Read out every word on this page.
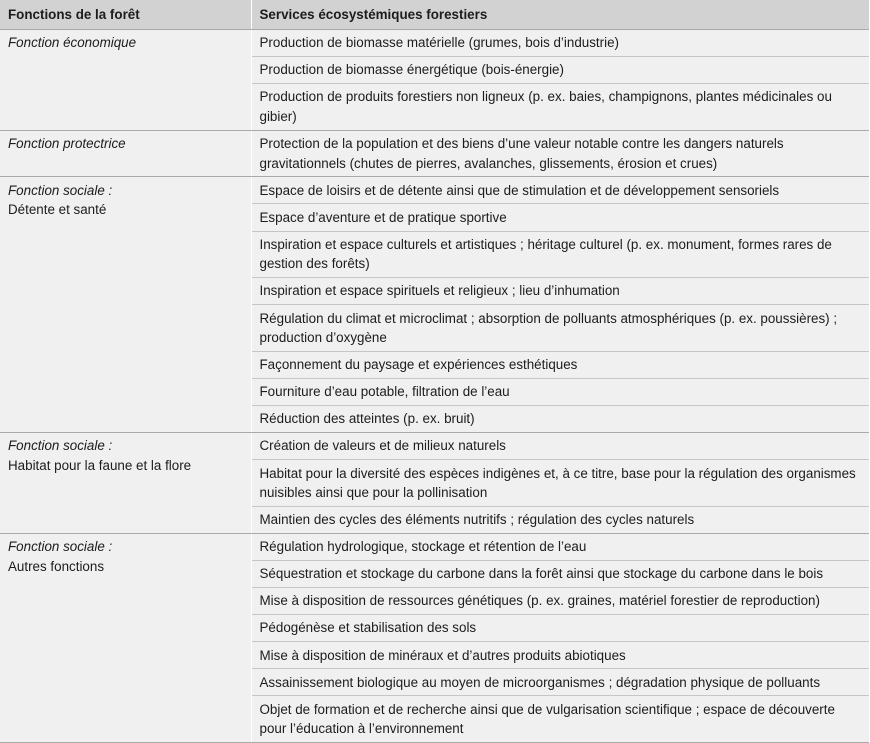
Fonctions de la forêt	Services écosystémiques forestiers

Fonction économique	Production de biomasse matérielle (grumes, bois d’industrie)
	Production de biomasse énergétique (bois-énergie)
	Production de produits forestiers non ligneux (p. ex. baies, champignons, plantes médicinales ou gibier)

Fonction protectrice	Protection de la population et des biens d’une valeur notable contre les dangers naturels gravitationnels (chutes de pierres, avalanches, glissements, érosion et crues)

Fonction sociale :
Détente et santé	Espace de loisirs et de détente ainsi que de stimulation et de développement sensoriels
	Espace d’aventure et de pratique sportive
	Inspiration et espace culturels et artistiques ; héritage culturel (p. ex. monument, formes rares de gestion des forêts)
	Inspiration et espace spirituels et religieux ; lieu d’inhumation
	Régulation du climat et microclimat ; absorption de polluants atmosphériques (p. ex. poussières) ; production d’oxygène
	Façonnement du paysage et expériences esthétiques
	Fourniture d’eau potable, filtration de l’eau
	Réduction des atteintes (p. ex. bruit)

Fonction sociale :
Habitat pour la faune et la flore	Création de valeurs et de milieux naturels
	Habitat pour la diversité des espèces indigènes et, à ce titre, base pour la régulation des organismes nuisibles ainsi que pour la pollinisation
	Maintien des cycles des éléments nutritifs ; régulation des cycles naturels

Fonction sociale :
Autres fonctions	Régulation hydrologique, stockage et rétention de l’eau
	Séquestration et stockage du carbone dans la forêt ainsi que stockage du carbone dans le bois
	Mise à disposition de ressources génétiques (p. ex. graines, matériel forestier de reproduction)
	Pédogénèse et stabilisation des sols
	Mise à disposition de minéraux et d’autres produits abiotiques
	Assainissement biologique au moyen de microorganismes ; dégradation physique de polluants
	Objet de formation et de recherche ainsi que de vulgarisation scientifique ; espace de découverte pour l’éducation à l’environnement
